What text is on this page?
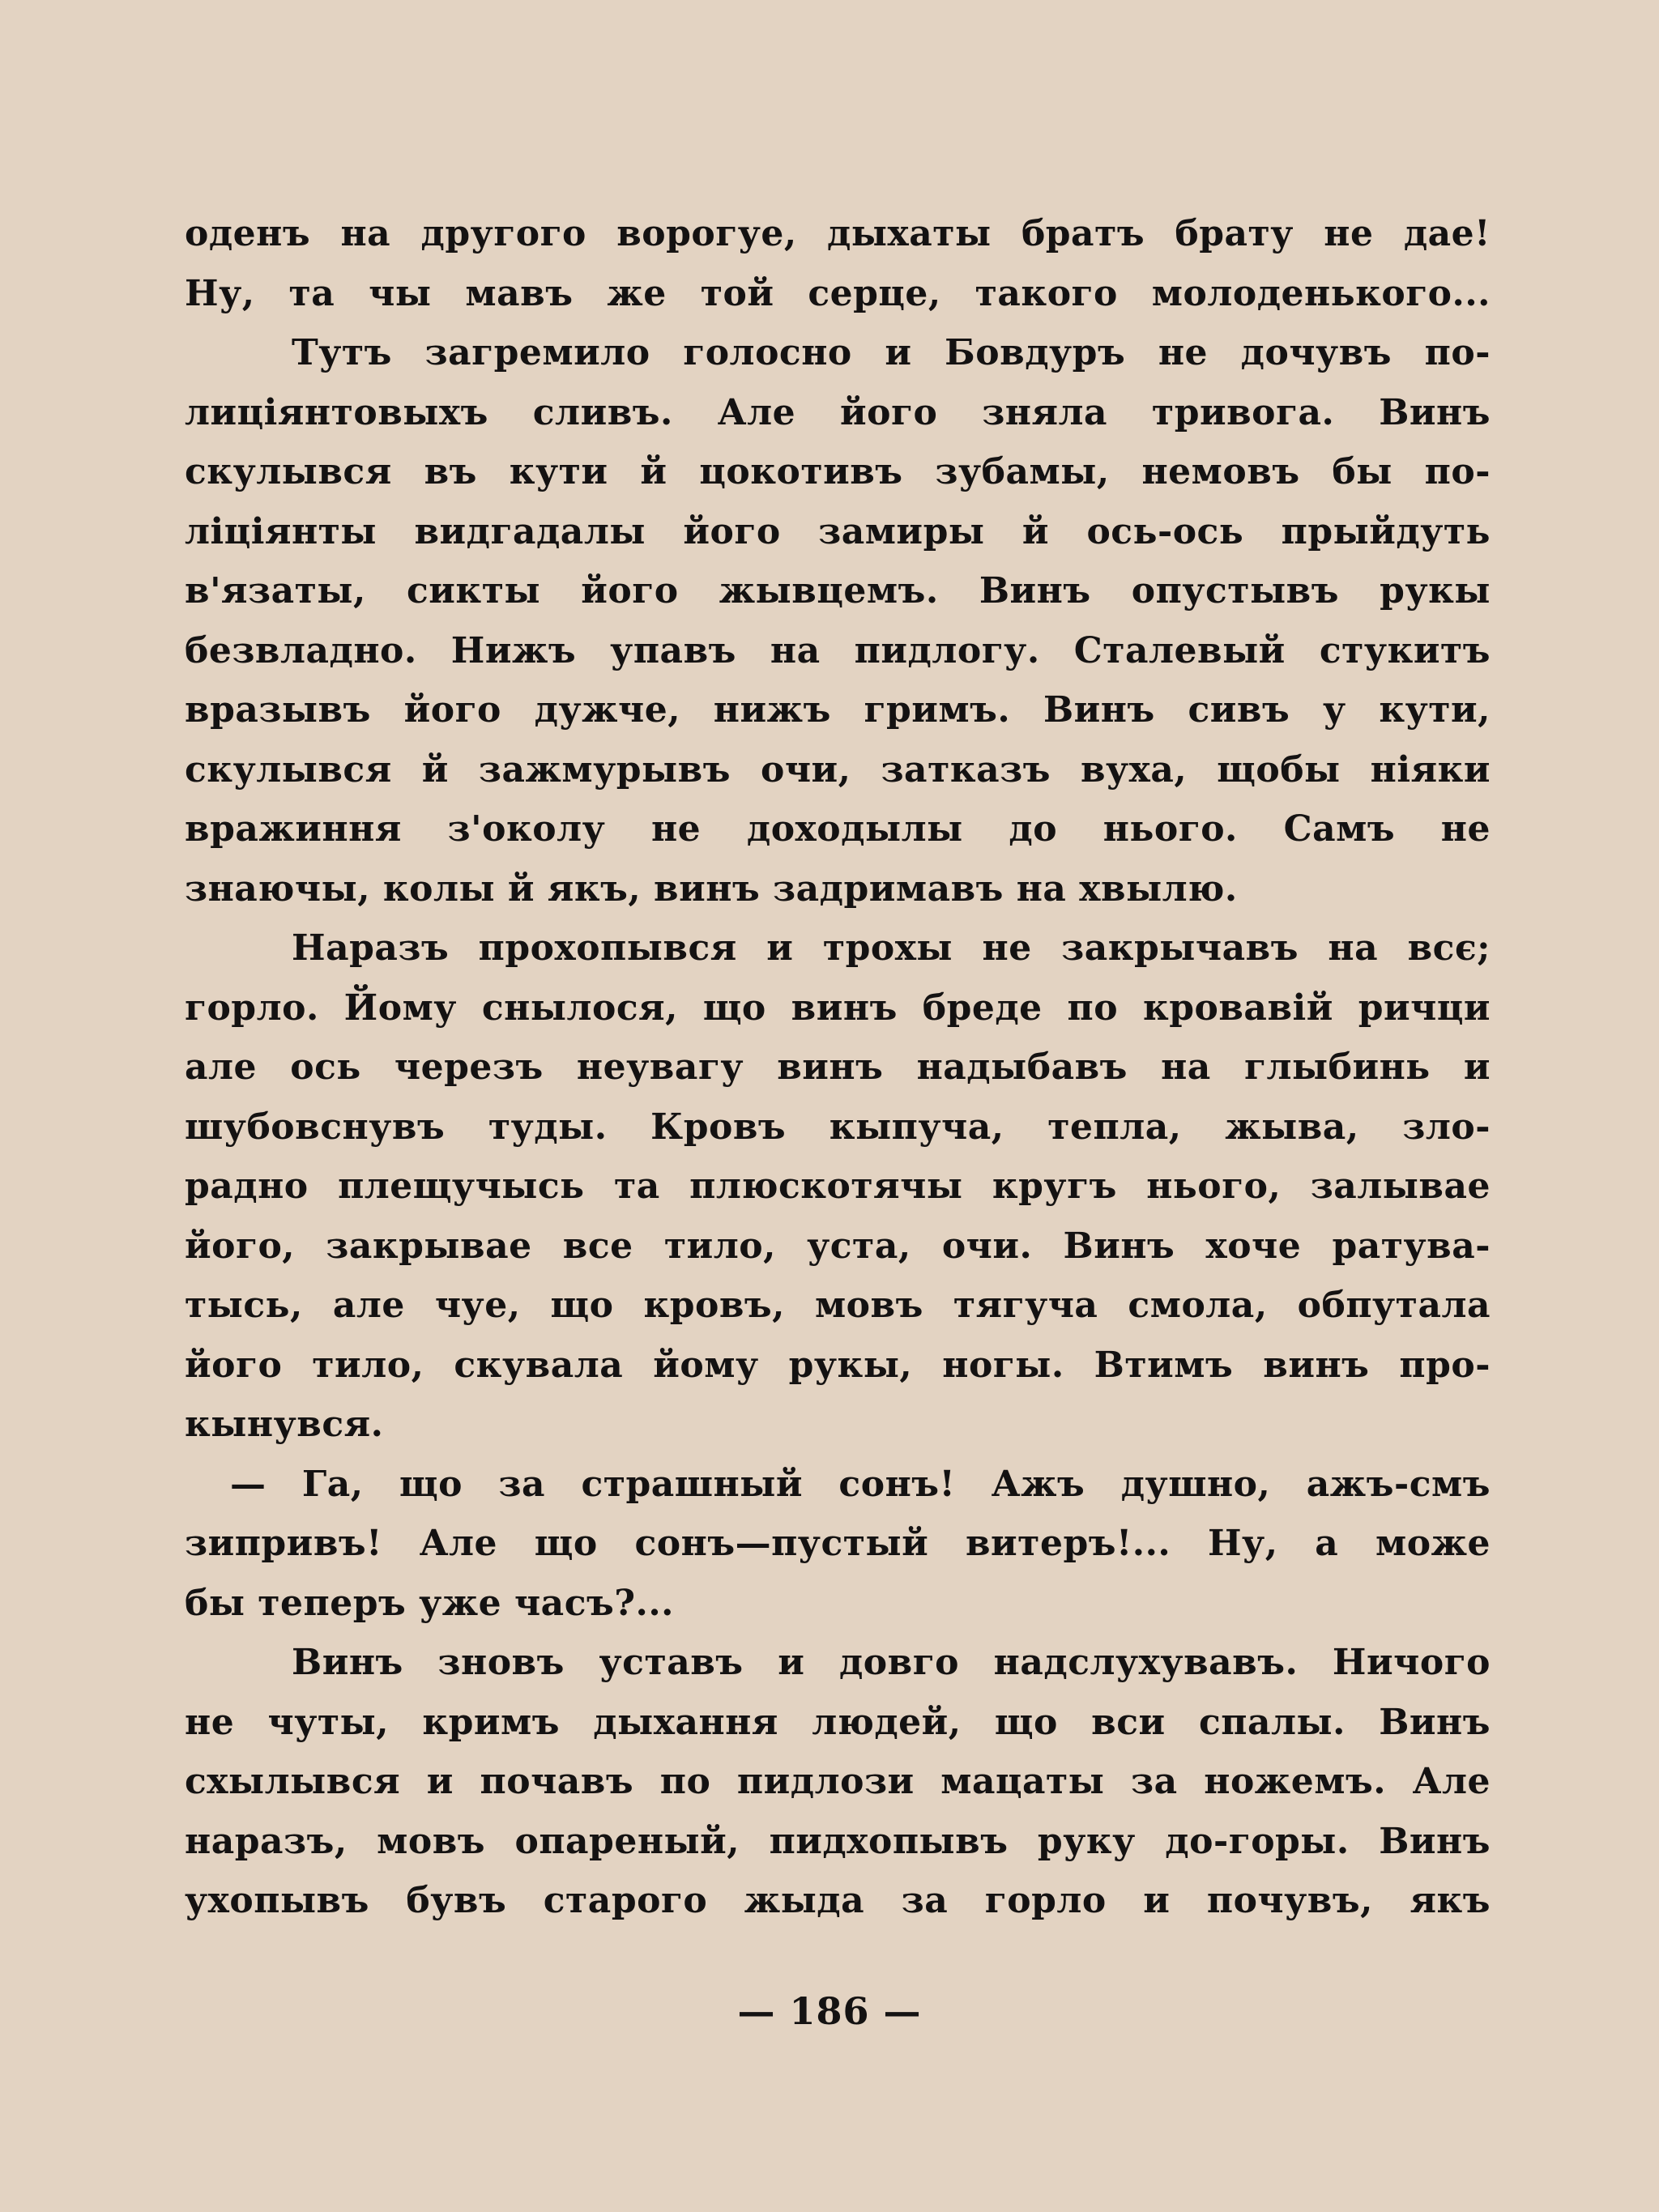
оденъ на другого ворогуе, дыхаты братъ брату не дае!
Ну, та чы мавъ же той серце, такого молоденького...
Тутъ загремило голосно и Бовдуръ не дочувъ по-
лиціянтовыхъ сливъ. Але його зняла тривога. Винъ
скулывся въ кути й цокотивъ зубамы, немовъ бы по-
ліцiянты видгадалы його замиры й ось-ось прыйдуть
в'язаты, сикты його жывцемъ. Винъ опустывъ рукы
безвладно. Нижъ упавъ на пидлогу. Сталевый стукитъ
вразывъ його дужче, нижъ гримъ. Винъ сивъ у кути,
скулывся й зажмурывъ очи, затказъ вуха, щобы ніяки
вражиння з'околу не доходылы до нього. Самъ не
знаючы, колы й якъ, винъ задримавъ на хвылю.
Наразъ прохопывся и трохы не закрычавъ на всє;
горло. Йому снылося, що винъ бреде по кровавій ричци
але ось черезъ неувагу винъ надыбавъ на глыбинь и
шубовснувъ туды. Кровъ кыпуча, тепла, жыва, зло-
радно плещучысь та плюскотячы кругъ нього, залывае
його, закрывае все тило, уста, очи. Винъ хоче ратува-
тысь, але чуе, що кровъ, мовъ тягуча смола, обпутала
його тило, скувала йому рукы, ногы. Втимъ винъ про-
кынувся.
— Га, що за страшный сонъ! Ажъ душно, ажъ-смъ
зипривъ! Але що сонъ—пустый витеръ!... Ну, а може
бы теперъ уже часъ?...
Винъ зновъ уставъ и довго надслухувавъ. Ничого
не чуты, кримъ дыхання людей, що вси спалы. Винъ
схылывся и почавъ по пидлози мацаты за ножемъ. Але
наразъ, мовъ опареный, пидхопывъ руку до-горы. Винъ
ухопывъ бувъ старого жыда за горло и почувъ, якъ
— 186 —
